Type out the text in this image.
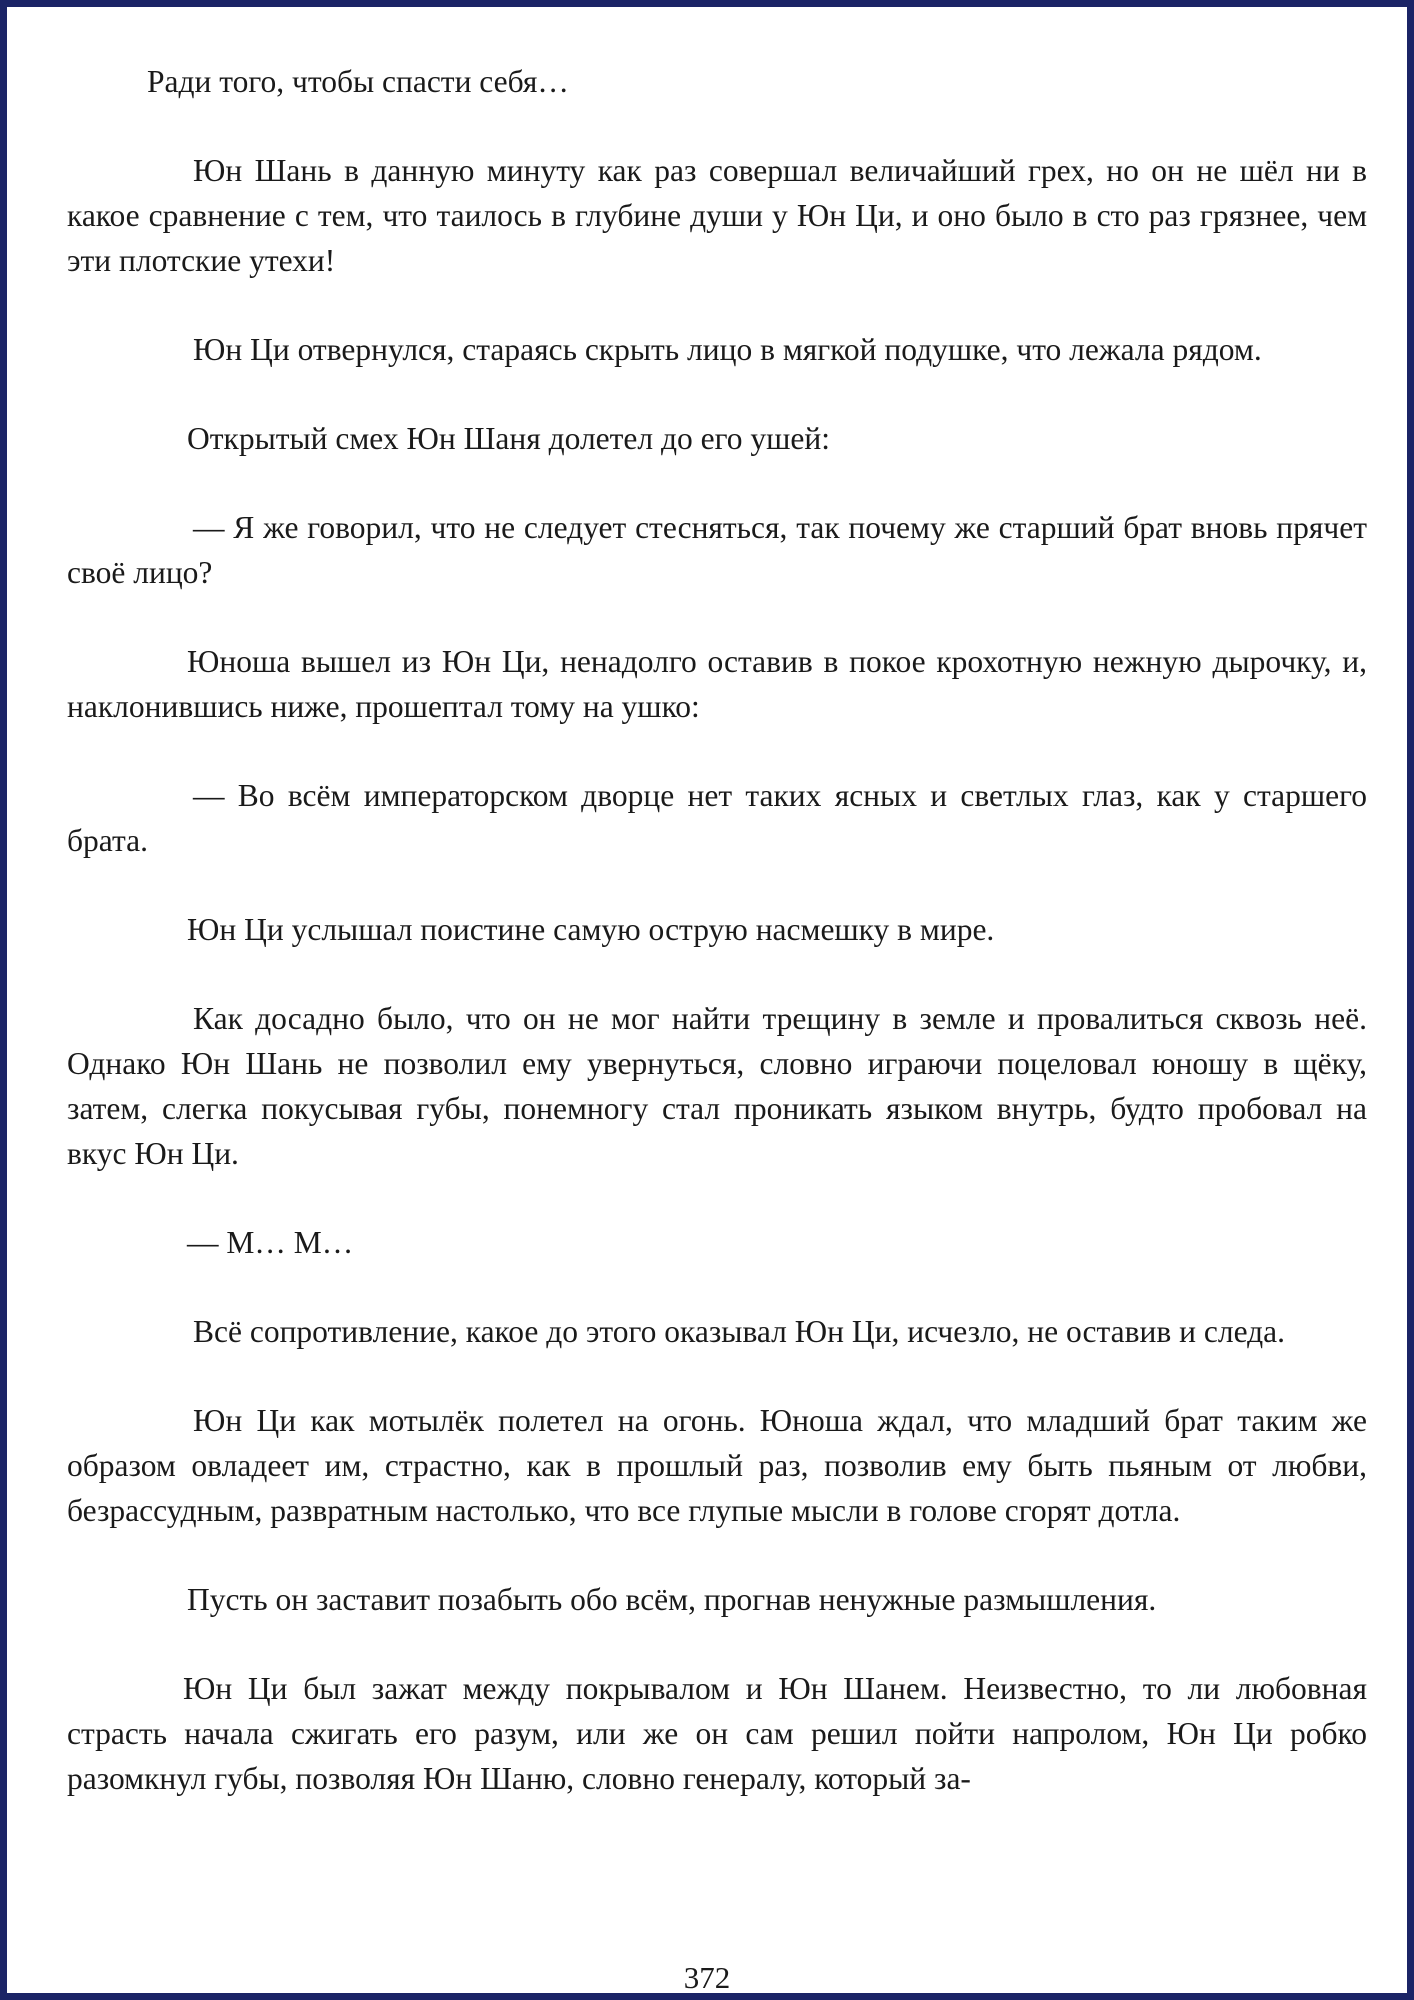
Ради того, чтобы спасти себя…

Юн Шань в данную минуту как раз совершал величайший грех, но он не шёл ни в какое сравнение с тем, что таилось в глубине души у Юн Ци, и оно было в сто раз грязнее, чем эти плотские утехи!

Юн Ци отвернулся, стараясь скрыть лицо в мягкой подушке, что лежала рядом.

Открытый смех Юн Шаня долетел до его ушей:

— Я же говорил, что не следует стесняться, так почему же старший брат вновь прячет своё лицо?

Юноша вышел из Юн Ци, ненадолго оставив в покое крохотную нежную дырочку, и, наклонившись ниже, прошептал тому на ушко:

— Во всём императорском дворце нет таких ясных и светлых глаз, как у старшего брата.

Юн Ци услышал поистине самую острую насмешку в мире.

Как досадно было, что он не мог найти трещину в земле и провалиться сквозь неё. Однако Юн Шань не позволил ему увернуться, словно играючи поцеловал юношу в щёку, затем, слегка покусывая губы, понемногу стал проникать языком внутрь, будто пробовал на вкус Юн Ци.

— М… М…

Всё сопротивление, какое до этого оказывал Юн Ци, исчезло, не оставив и следа.

Юн Ци как мотылёк полетел на огонь. Юноша ждал, что младший брат таким же образом овладеет им, страстно, как в прошлый раз, позволив ему быть пьяным от любви, безрассудным, развратным настолько, что все глупые мысли в голове сгорят дотла.

Пусть он заставит позабыть обо всём, прогнав ненужные размышления.

Юн Ци был зажат между покрывалом и Юн Шанем. Неизвестно, то ли любовная страсть начала сжигать его разум, или же он сам решил пойти напролом, Юн Ци робко разомкнул губы, позволяя Юн Шаню, словно генералу, который за-

372
